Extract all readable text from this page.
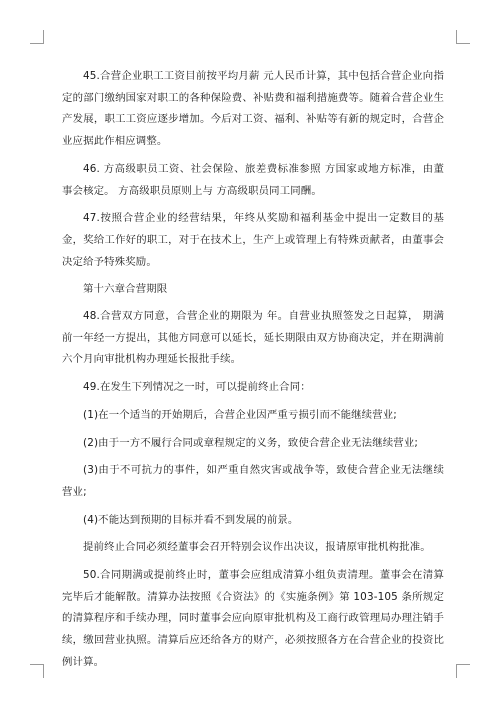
45.合营企业职工工资目前按平均月薪 元人民币计算，其中包括合营企业向指定的部门缴纳国家对职工的各种保险费、补贴费和福利措施费等。随着合营企业生产发展，职工工资应逐步增加。今后对工资、福利、补贴等有新的规定时，合营企业应据此作相应调整。

46. 方高级职员工资、社会保险、旅差费标准参照 方国家或地方标准，由董事会核定。 方高级职员原则上与 方高级职员同工同酬。

47.按照合营企业的经营结果，年终从奖励和福利基金中提出一定数目的基金，奖给工作好的职工，对于在技术上，生产上或管理上有特殊贡献者，由董事会决定给予特殊奖励。

第十六章合营期限

48.合营双方同意，合营企业的期限为 年。自营业执照签发之日起算， 期满前一年经一方提出，其他方同意可以延长，延长期限由双方协商决定，并在期满前六个月向审批机构办理延长报批手续。

49.在发生下列情况之一时，可以提前终止合同：

(1)在一个适当的开始期后，合营企业因严重亏损引而不能继续营业;

(2)由于一方不履行合同或章程规定的义务，致使合营企业无法继续营业;

(3)由于不可抗力的事件，如严重自然灾害或战争等，致使合营企业无法继续营业;

(4)不能达到预期的目标并看不到发展的前景。

提前终止合同必须经董事会召开特别会议作出决议，报请原审批机构批准。

50.合同期满或提前终止时，董事会应组成清算小组负责清理。董事会在清算完毕后才能解散。清算办法按照《合资法》的《实施条例》第 103-105 条所规定的清算程序和手续办理，同时董事会应向原审批机构及工商行政管理局办理注销手续，缴回营业执照。清算后应还给各方的财产，必须按照各方在合营企业的投资比例计算。
